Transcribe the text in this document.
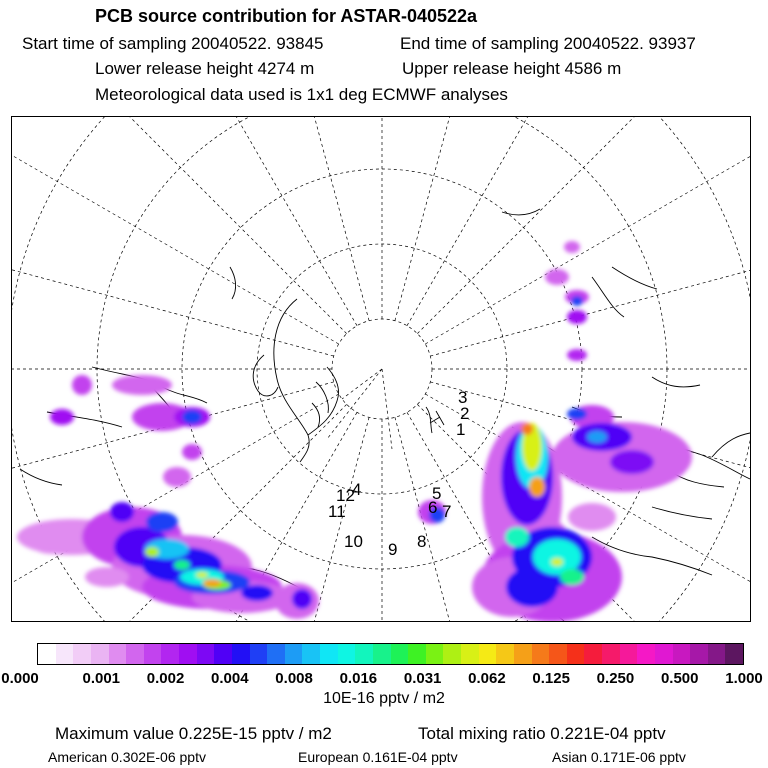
PCB source contribution for ASTAR-040522a
Start time of sampling 20040522. 93845	End time of sampling 20040522. 93937
Lower release height 4274 m	Upper release height 4586 m
Meteorological data used is 1x1 deg ECMWF analyses
1
2
3
4	5
6 7
8
9
10
11
12
0.000	0.001 0.002 0.004 0.008 0.016 0.031 0.062 0.125 0.250 0.500 1.000
10E-16 pptv / m2
Maximum value 0.225E-15 pptv / m2	Total mixing ratio 0.221E-04 pptv
American 0.302E-06 pptv	European 0.161E-04 pptv	Asian 0.171E-06 pptv
